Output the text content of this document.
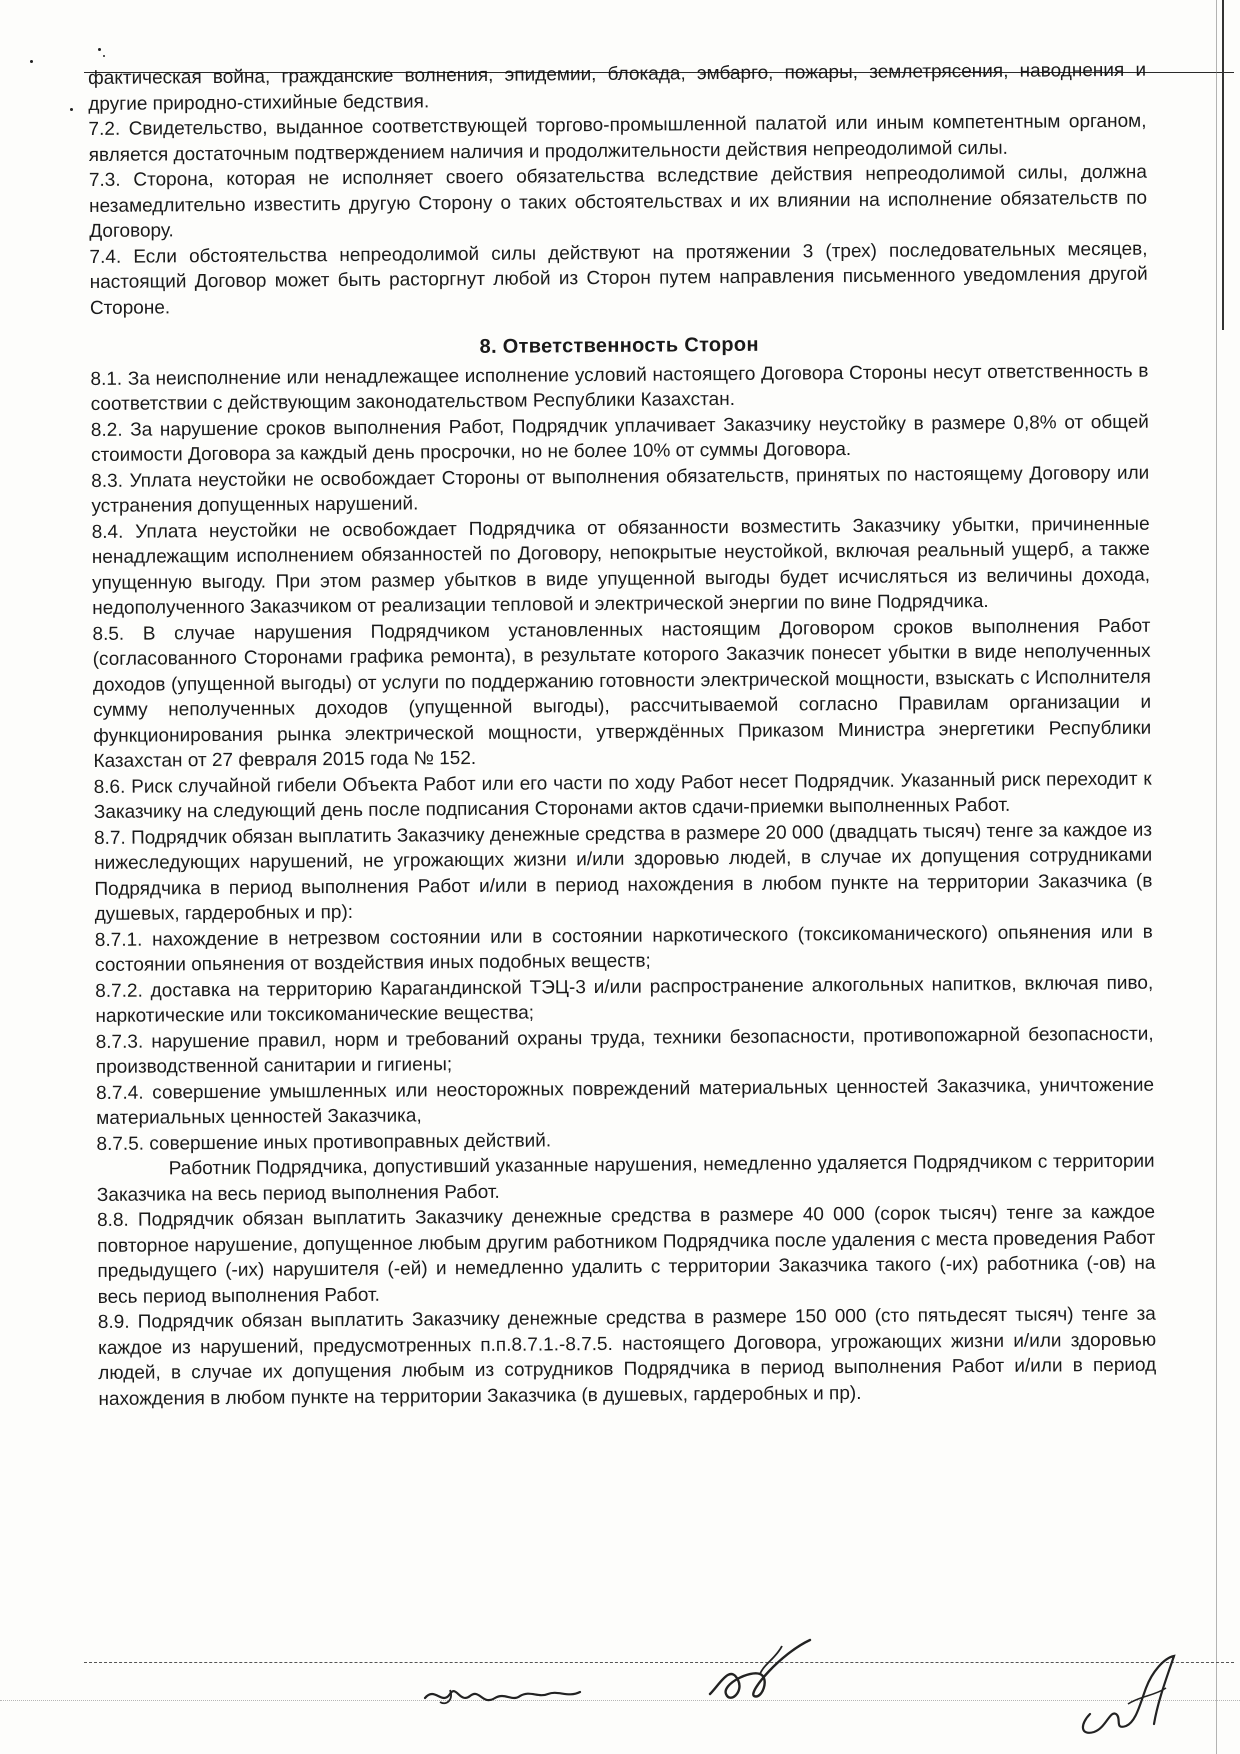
фактическая война, гражданские волнения, эпидемии, блокада, эмбарго, пожары, землетрясения, наводнения и другие природно-стихийные бедствия.

7.2. Свидетельство, выданное соответствующей торгово-промышленной палатой или иным компетентным органом, является достаточным подтверждением наличия и продолжительности действия непреодолимой силы.

7.3. Сторона, которая не исполняет своего обязательства вследствие действия непреодолимой силы, должна незамедлительно известить другую Сторону о таких обстоятельствах и их влиянии на исполнение обязательств по Договору.

7.4. Если обстоятельства непреодолимой силы действуют на протяжении 3 (трех) последовательных месяцев, настоящий Договор может быть расторгнут любой из Сторон путем направления письменного уведомления другой Стороне.

8. Ответственность Сторон

8.1. За неисполнение или ненадлежащее исполнение условий настоящего Договора Стороны несут ответственность в соответствии с действующим законодательством Республики Казахстан.

8.2. За нарушение сроков выполнения Работ, Подрядчик уплачивает Заказчику неустойку в размере 0,8% от общей стоимости Договора за каждый день просрочки, но не более 10% от суммы Договора.

8.3. Уплата неустойки не освобождает Стороны от выполнения обязательств, принятых по настоящему Договору или устранения допущенных нарушений.

8.4. Уплата неустойки не освобождает Подрядчика от обязанности возместить Заказчику убытки, причиненные ненадлежащим исполнением обязанностей по Договору, непокрытые неустойкой, включая реальный ущерб, а также упущенную выгоду. При этом размер убытков в виде упущенной выгоды будет исчисляться из величины дохода, недополученного Заказчиком от реализации тепловой и электрической энергии по вине Подрядчика.

8.5. В случае нарушения Подрядчиком установленных настоящим Договором сроков выполнения Работ (согласованного Сторонами графика ремонта), в результате которого Заказчик понесет убытки в виде неполученных доходов (упущенной выгоды) от услуги по поддержанию готовности электрической мощности, взыскать с Исполнителя сумму неполученных доходов (упущенной выгоды), рассчитываемой согласно Правилам организации и функционирования рынка электрической мощности, утверждённых Приказом Министра энергетики Республики Казахстан от 27 февраля 2015 года № 152.

8.6. Риск случайной гибели Объекта Работ или его части по ходу Работ несет Подрядчик. Указанный риск переходит к Заказчику на следующий день после подписания Сторонами актов сдачи-приемки выполненных Работ.

8.7. Подрядчик обязан выплатить Заказчику денежные средства в размере 20 000 (двадцать тысяч) тенге за каждое из нижеследующих нарушений, не угрожающих жизни и/или здоровью людей, в случае их допущения сотрудниками Подрядчика в период выполнения Работ и/или в период нахождения в любом пункте на территории Заказчика (в душевых, гардеробных и пр):

8.7.1. нахождение в нетрезвом состоянии или в состоянии наркотического (токсикоманического) опьянения или в состоянии опьянения от воздействия иных подобных веществ;

8.7.2. доставка на территорию Карагандинской ТЭЦ-3 и/или распространение алкогольных напитков, включая пиво, наркотические или токсикоманические вещества;

8.7.3. нарушение правил, норм и требований охраны труда, техники безопасности, противопожарной безопасности, производственной санитарии и гигиены;

8.7.4. совершение умышленных или неосторожных повреждений материальных ценностей Заказчика, уничтожение материальных ценностей Заказчика,

8.7.5. совершение иных противоправных действий.

Работник Подрядчика, допустивший указанные нарушения, немедленно удаляется Подрядчиком с территории Заказчика на весь период выполнения Работ.

8.8. Подрядчик обязан выплатить Заказчику денежные средства в размере 40 000 (сорок тысяч) тенге за каждое повторное нарушение, допущенное любым другим работником Подрядчика после удаления с места проведения Работ предыдущего (-их) нарушителя (-ей) и немедленно удалить с территории Заказчика такого (-их) работника (-ов) на весь период выполнения Работ.

8.9. Подрядчик обязан выплатить Заказчику денежные средства в размере 150 000 (сто пятьдесят тысяч) тенге за каждое из нарушений, предусмотренных п.п.8.7.1.-8.7.5. настоящего Договора, угрожающих жизни и/или здоровью людей, в случае их допущения любым из сотрудников Подрядчика в период выполнения Работ и/или в период нахождения в любом пункте на территории Заказчика (в душевых, гардеробных и пр).
